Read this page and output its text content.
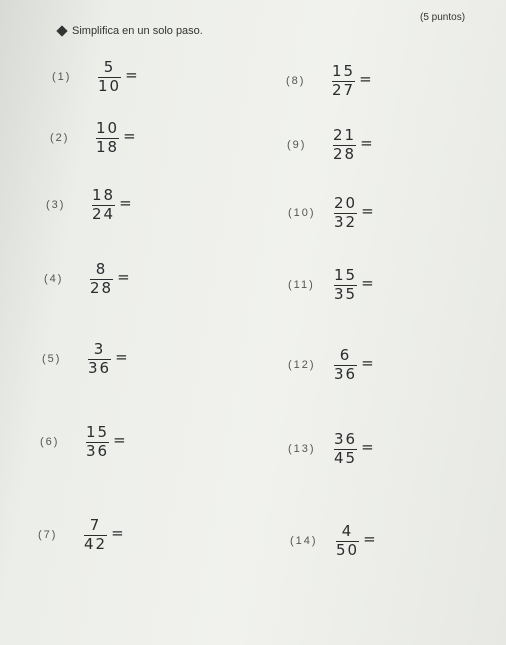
(5 puntos)
Simplifica en un solo paso.
(1)	$\frac{5}{10}$ =
(2)	$\frac{10}{18}$ =
(3)	$\frac{18}{24}$ =
(4)	$\frac{8}{28}$ =
(5)	$\frac{3}{36}$ =
(6)	$\frac{15}{36}$ =
(7)	$\frac{7}{42}$ =
(8)	$\frac{15}{27}$ =
(9)	$\frac{21}{28}$ =
(10)	$\frac{20}{32}$ =
(11)	$\frac{15}{35}$ =
(12)	$\frac{6}{36}$ =
(13)	$\frac{36}{45}$ =
(14)	$\frac{4}{50}$ =
